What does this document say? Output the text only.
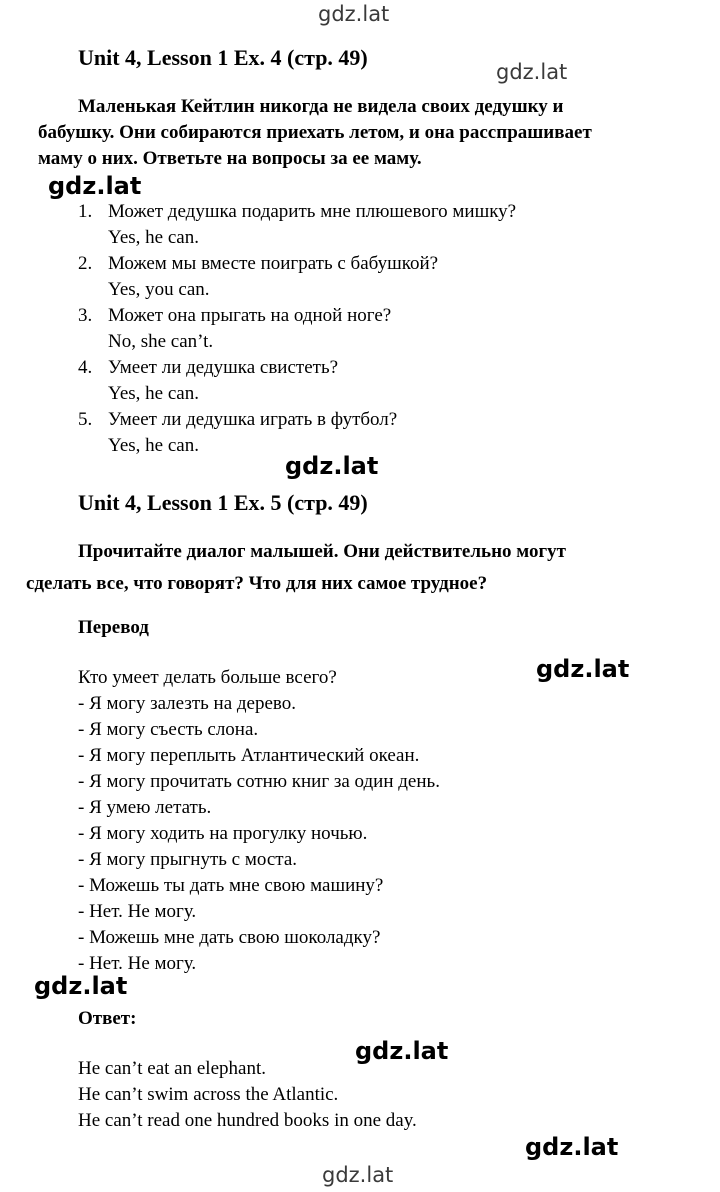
gdz.lat
gdz.lat
gdz.lat
gdz.lat
gdz.lat
gdz.lat
gdz.lat
gdz.lat
gdz.lat
Unit 4, Lesson 1 Ex. 4 (стр. 49)
Маленькая Кейтлин никогда не видела своих дедушку и
бабушку. Они собираются приехать летом, и она расспрашивает
маму о них. Ответьте на вопросы за ее маму.
1. Может дедушка подарить мне плюшевого мишку?
Yes, he can.
2. Можем мы вместе поиграть с бабушкой?
Yes, you can.
3. Может она прыгать на одной ноге?
No, she can’t.
4. Умеет ли дедушка свистеть?
Yes, he can.
5. Умеет ли дедушка играть в футбол?
Yes, he can.
Unit 4, Lesson 1 Ex. 5 (стр. 49)
Прочитайте диалог малышей. Они действительно могут
сделать все, что говорят? Что для них самое трудное?
Перевод
Кто умеет делать больше всего?
- Я могу залезть на дерево.
- Я могу съесть слона.
- Я могу переплыть Атлантический океан.
- Я могу прочитать сотню книг за один день.
- Я умею летать.
- Я могу ходить на прогулку ночью.
- Я могу прыгнуть с моста.
- Можешь ты дать мне свою машину?
- Нет. Не могу.
- Можешь мне дать свою шоколадку?
- Нет. Не могу.
Ответ:
He can’t eat an elephant.
He can’t swim across the Atlantic.
He can’t read one hundred books in one day.
